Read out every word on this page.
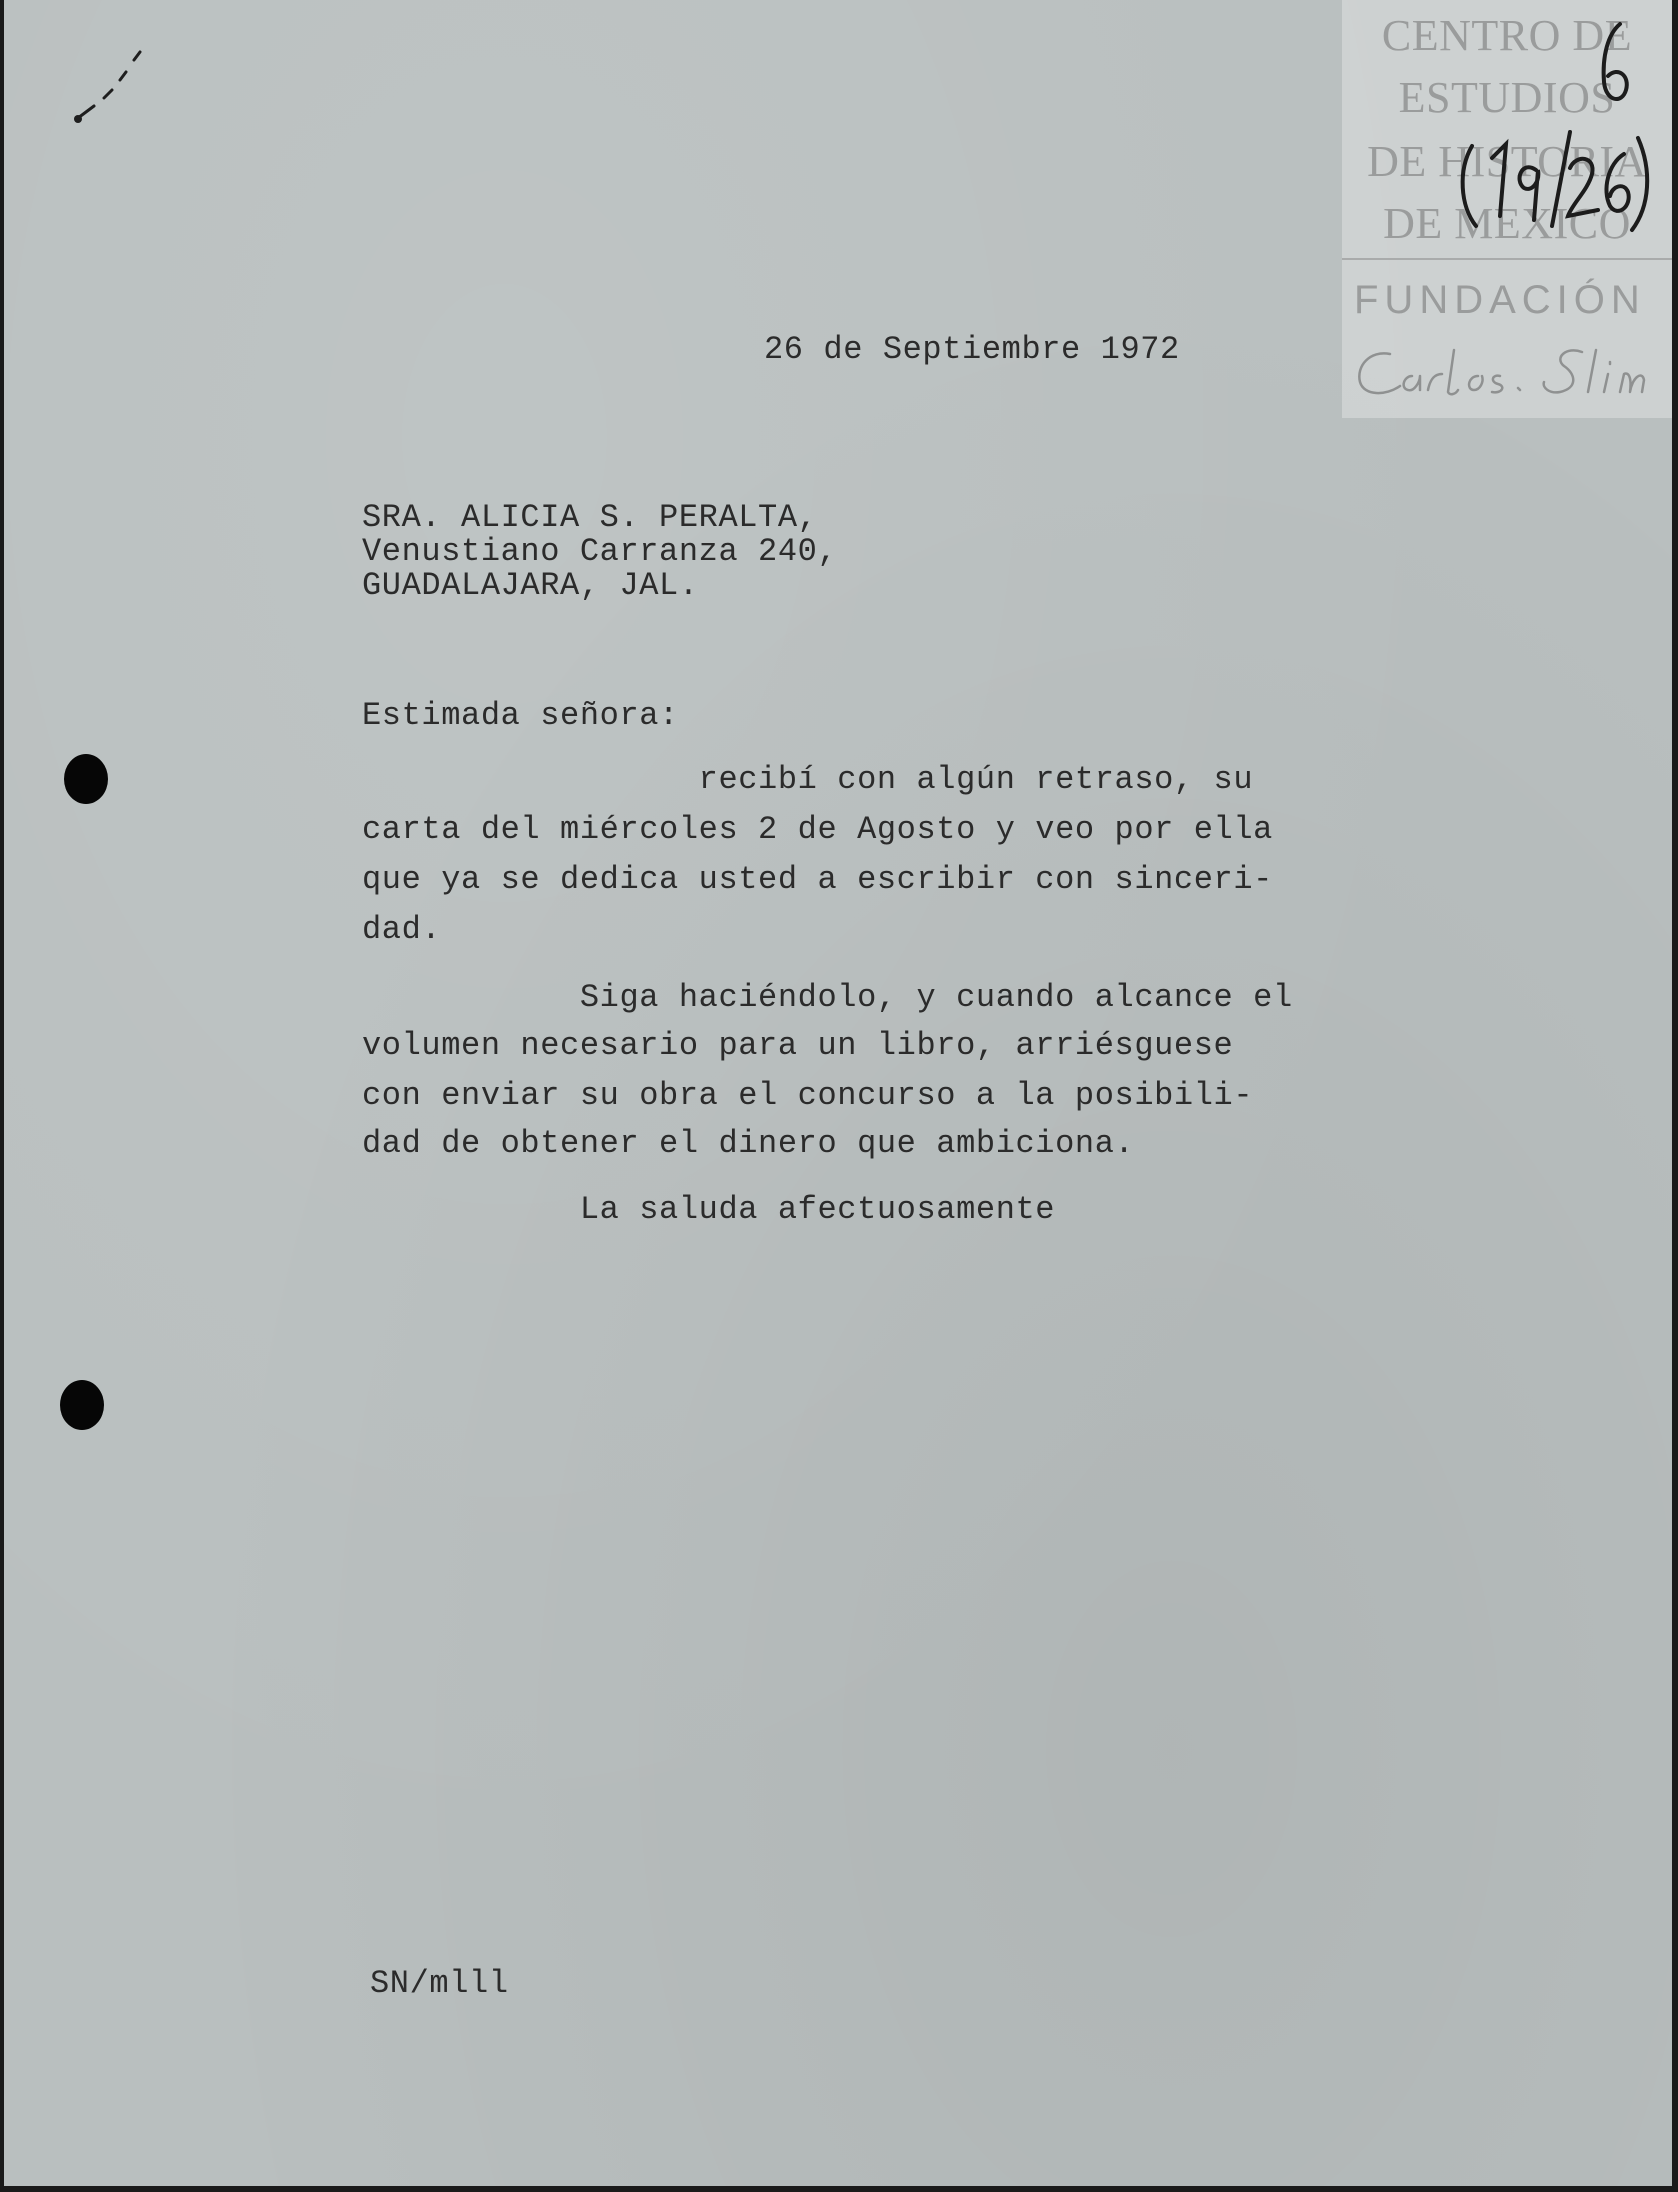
CENTRO DE
ESTUDIOS
DE HISTORIA
DE MEXICO
FUNDACIÓN

26 de Septiembre 1972

SRA. ALICIA S. PERALTA,

Venustiano Carranza 240,

GUADALAJARA, JAL.

Estimada señora:

recibí con algún retraso, su

carta del miércoles 2 de Agosto y veo por ella

que ya se dedica usted a escribir con sinceri-

dad.

Siga haciéndolo, y cuando alcance el

volumen necesario para un libro, arriésguese

con enviar su obra el concurso a la posibili-

dad de obtener el dinero que ambiciona.

La saluda afectuosamente

SN/mlll
